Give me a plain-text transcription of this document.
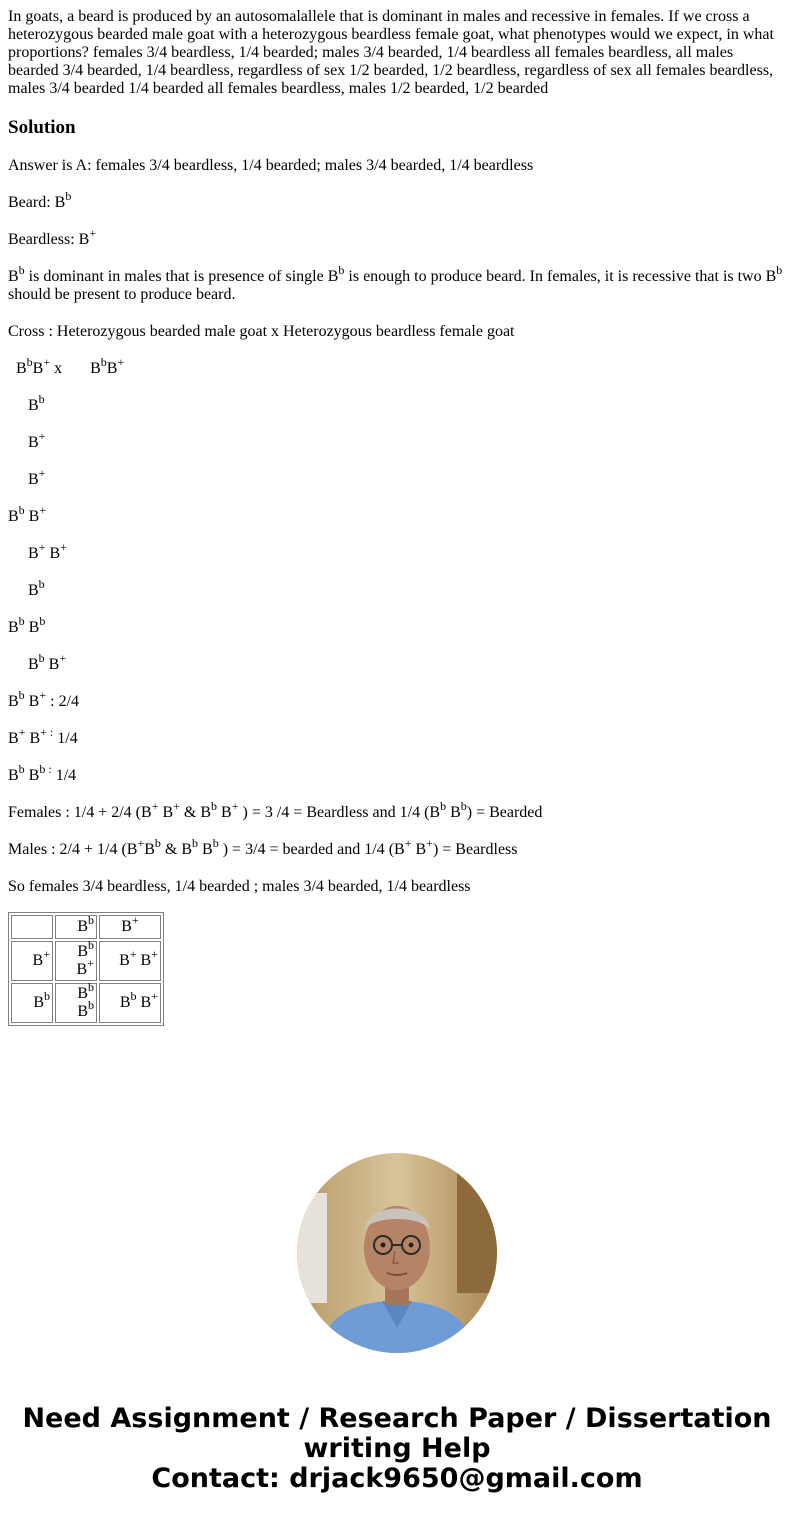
In goats, a beard is produced by an autosomalallele that is dominant in males and recessive in females. If we cross a heterozygous bearded male goat with a heterozygous beardless female goat, what phenotypes would we expect, in what proportions? females 3/4 beardless, 1/4 bearded; males 3/4 bearded, 1/4 beardless all females beardless, all males bearded 3/4 bearded, 1/4 beardless, regardless of sex 1/2 bearded, 1/2 beardless, regardless of sex all females beardless, males 3/4 bearded 1/4 bearded all females beardless, males 1/2 bearded, 1/2 bearded

Solution
Answer is A: females 3/4 beardless, 1/4 bearded; males 3/4 bearded, 1/4 beardless
Beard: $B^b$
Beardless: B+
$B^b$ is dominant in males that is presence of single $B^b$ is enough to produce beard. In females, it is recessive that is two $B^b$ should be present to produce beard.
Cross : Heterozygous bearded male goat x Heterozygous beardless female goat
$B^bB^+$ x $B^bB^+$
$B^b$
B+
B+
$B^b$ B+
B+ B+
$B^b$
$B^b$ $B^b$
$B^b$ B+
$B^b$ B+ : 2/4
B+ B+ : 1/4
$B^b$ $B^b$ : 1/4
Females : 1/4 + 2/4 (B+ B+ & $B^b$ B+ ) = 3 /4 = Beardless and 1/4 ($B^b$ $B^b$) = Bearded
Males : 2/4 + 1/4 ($B^+B^b$ & $B^b$ $B^b$ ) = 3/4 = bearded and 1/4 (B+ B+) = Beardless
So females 3/4 beardless, 1/4 bearded ; males 3/4 bearded, 1/4 beardless
	$B^b$	B+
B+	$B^b$ B+	B+ B+
$B^b$	$B^b$ $B^b$	$B^b$ B+
Need Assignment / Research Paper / Dissertation
writing Help
Contact: drjack9650@gmail.com
